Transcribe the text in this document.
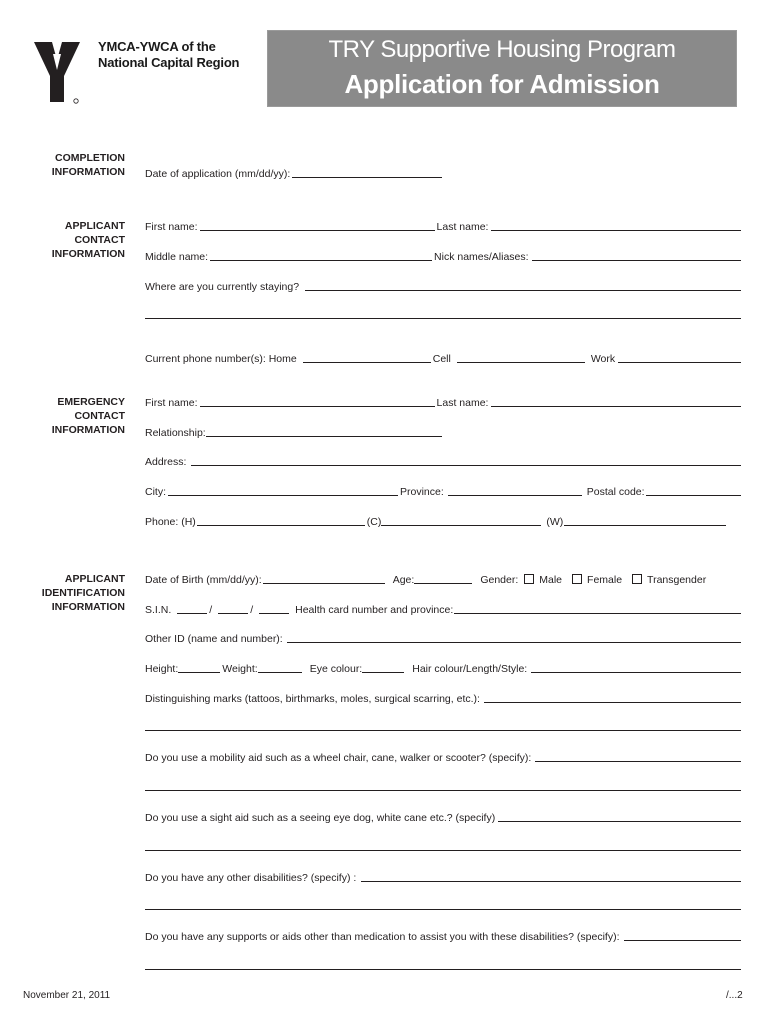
YMCA-YWCA of the
National Capital Region	TRY Supportive Housing Program
Application for Admission
COMPLETION
INFORMATION
APPLICANT
CONTACT
INFORMATION
EMERGENCY
CONTACT
INFORMATION
APPLICANT
IDENTIFICATION
INFORMATION
Date of application (mm/dd/yy):
First name:	Last name:
Middle name:	Nick names/Aliases:
Where are you currently staying?
Current phone number(s): Home	Cell	Work
First name:	Last name:
Relationship:
Address:
City:	Province:	Postal code:
Phone: (H)	(C)	(W)
Date of Birth (mm/dd/yy):	Age:	Gender: Male Female Transgender
S.I.N.	/	/	Health card number and province:
Other ID (name and number):
Height:	Weight:	Eye colour:	Hair colour/Length/Style:
Distinguishing marks (tattoos, birthmarks, moles, surgical scarring, etc.):
Do you use a mobility aid such as a wheel chair, cane, walker or scooter? (specify):
Do you use a sight aid such as a seeing eye dog, white cane etc.? (specify)
Do you have any other disabilities? (specify) :
Do you have any supports or aids other than medication to assist you with these disabilities? (specify):
November 21, 2011	/...2
